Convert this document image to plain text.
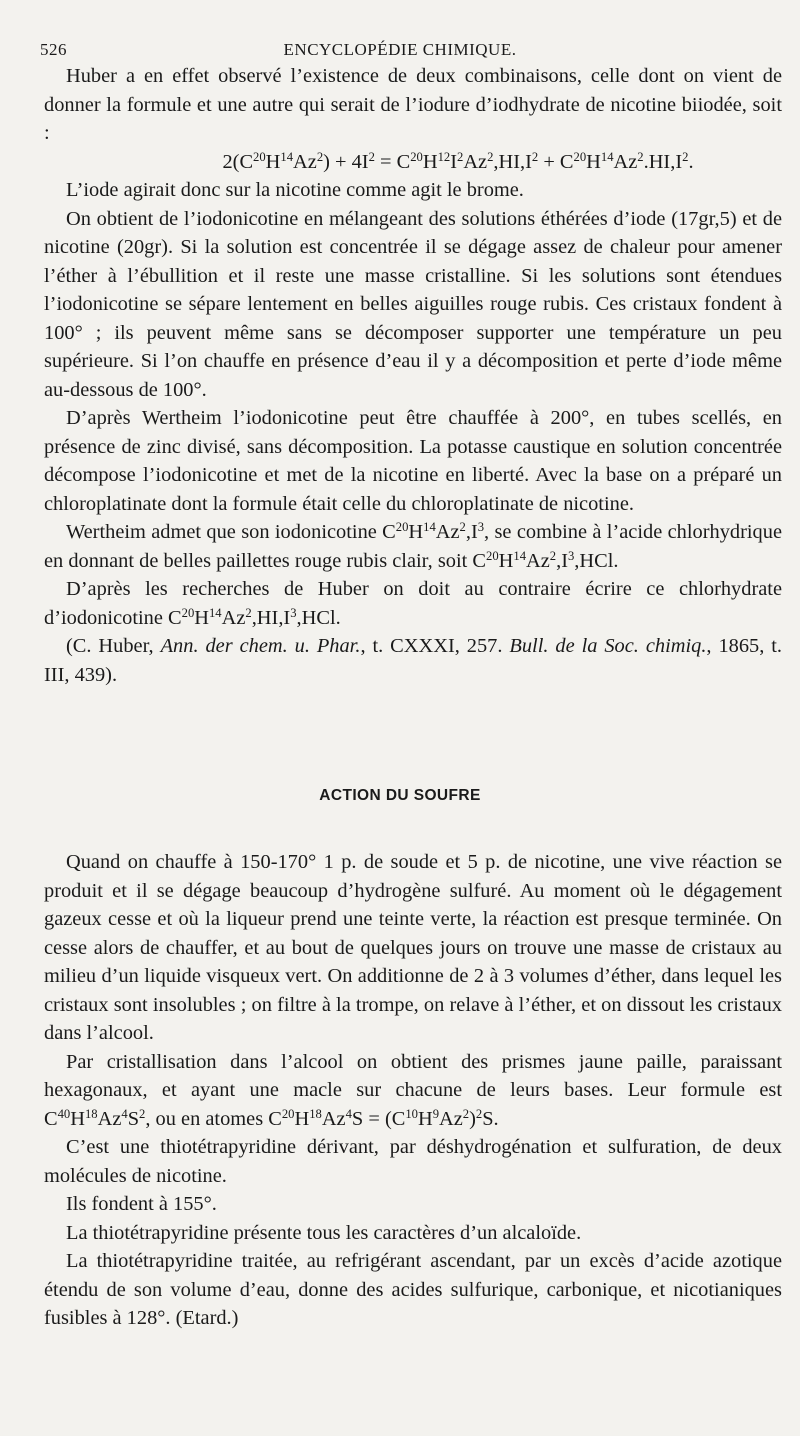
526	ENCYCLOPÉDIE CHIMIQUE.

Huber a en effet observé l’existence de deux combinaisons, celle dont on vient de donner la formule et une autre qui serait de l’iodure d’iodhydrate de nicotine biiodée, soit :

$2(C^{20}H^{14}Az^2) + 4I^2 = C^{20}H^{12}I^2Az^2,HI,I^2 + C^{20}H^{14}Az^2.HI,I^2$.

L’iode agirait donc sur la nicotine comme agit le brome.

On obtient de l’iodonicotine en mélangeant des solutions éthérées d’iode (17gr,5) et de nicotine (20gr). Si la solution est concentrée il se dégage assez de chaleur pour amener l’éther à l’ébullition et il reste une masse cristalline. Si les solutions sont étendues l’iodonicotine se sépare lentement en belles aiguilles rouge rubis. Ces cristaux fondent à 100° ; ils peuvent même sans se décomposer supporter une température un peu supérieure. Si l’on chauffe en présence d’eau il y a décomposition et perte d’iode même au-dessous de 100°.

D’après Wertheim l’iodonicotine peut être chauffée à 200°, en tubes scellés, en présence de zinc divisé, sans décomposition. La potasse caustique en solution concentrée décompose l’iodonicotine et met de la nicotine en liberté. Avec la base on a préparé un chloroplatinate dont la formule était celle du chloroplatinate de nicotine.

Wertheim admet que son iodonicotine $C^{20}H^{14}Az^2,I^3$, se combine à l’acide chlorhydrique en donnant de belles paillettes rouge rubis clair, soit $C^{20}H^{14}Az^2,I^3,HCl$.

D’après les recherches de Huber on doit au contraire écrire ce chlorhydrate d’iodonicotine $C^{20}H^{14}Az^2,HI,I^3,HCl$.

(C. Huber, Ann. der chem. u. Phar., t. CXXXI, 257. Bull. de la Soc. chimiq., 1865, t. III, 439).

ACTION DU SOUFRE

Quand on chauffe à 150-170° 1 p. de soude et 5 p. de nicotine, une vive réaction se produit et il se dégage beaucoup d’hydrogène sulfuré. Au moment où le dégagement gazeux cesse et où la liqueur prend une teinte verte, la réaction est presque terminée. On cesse alors de chauffer, et au bout de quelques jours on trouve une masse de cristaux au milieu d’un liquide visqueux vert. On additionne de 2 à 3 volumes d’éther, dans lequel les cristaux sont insolubles ; on filtre à la trompe, on relave à l’éther, et on dissout les cristaux dans l’alcool.

Par cristallisation dans l’alcool on obtient des prismes jaune paille, paraissant hexagonaux, et ayant une macle sur chacune de leurs bases. Leur formule est $C^{40}H^{18}Az^4S^2$, ou en atomes $C^{20}H^{18}Az^4S = (C^{10}H^9Az^2)^2S$.

C’est une thiotétrapyridine dérivant, par déshydrogénation et sulfuration, de deux molécules de nicotine.

Ils fondent à 155°.

La thiotétrapyridine présente tous les caractères d’un alcaloïde.

La thiotétrapyridine traitée, au refrigérant ascendant, par un excès d’acide azotique étendu de son volume d’eau, donne des acides sulfurique, carbonique, et nicotianiques fusibles à 128°. (Etard.)
